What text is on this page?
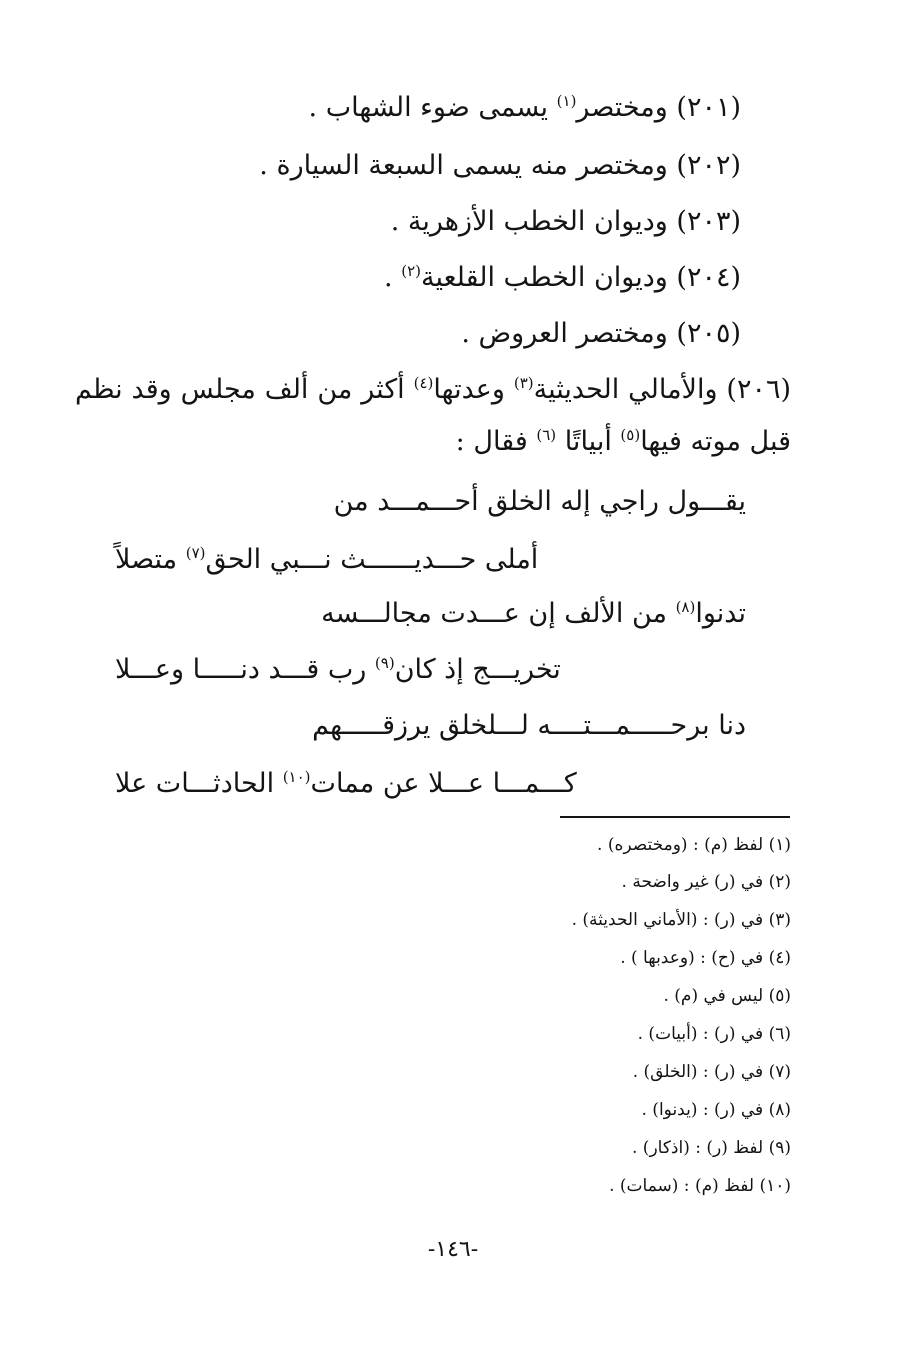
(٢٠١) ومختصر$^{(١)}$ يسمى ضوء الشهاب .
(٢٠٢) ومختصر منه يسمى السبعة السيارة .
(٢٠٣) وديوان الخطب الأزهرية .
(٢٠٤) وديوان الخطب القلعية$^{(٢)}$ .
(٢٠٥) ومختصر العروض .
(٢٠٦) والأمالي الحديثية$^{(٣)}$ وعدتها$^{(٤)}$ أكثر من ألف مجلس وقد نظم
قبل موته فيها$^{(٥)}$ أبياتًا $^{(٦)}$ فقال :
يقـــول راجي إله الخلق أحـــمـــد من
أملى حـــديــــــث نـــبي الحق$^{(٧)}$ متصلاً
تدنوا$^{(٨)}$ من الألف إن عـــدت مجالـــسه
تخريـــج إذ كان$^{(٩)}$ رب قـــد دنـــــا وعـــلا
دنا برحـــــمـــتــــه لـــلخلق يرزقـــــهم
كـــمـــا عـــلا عن ممات$^{(١٠)}$ الحادثـــات علا
(١) لفظ (م) : (ومختصره) .
(٢) في (ر) غير واضحة .
(٣) في (ر) : (الأماني الحديثة) .
(٤) في (ح) : (وعدبها ) .
(٥) ليس في (م) .
(٦) في (ر) : (أبيات) .
(٧) في (ر) : (الخلق) .
(٨) في (ر) : (يدنوا) .
(٩) لفظ (ر) : (اذكار) .
(١٠) لفظ (م) : (سمات) .
-١٤٦-
